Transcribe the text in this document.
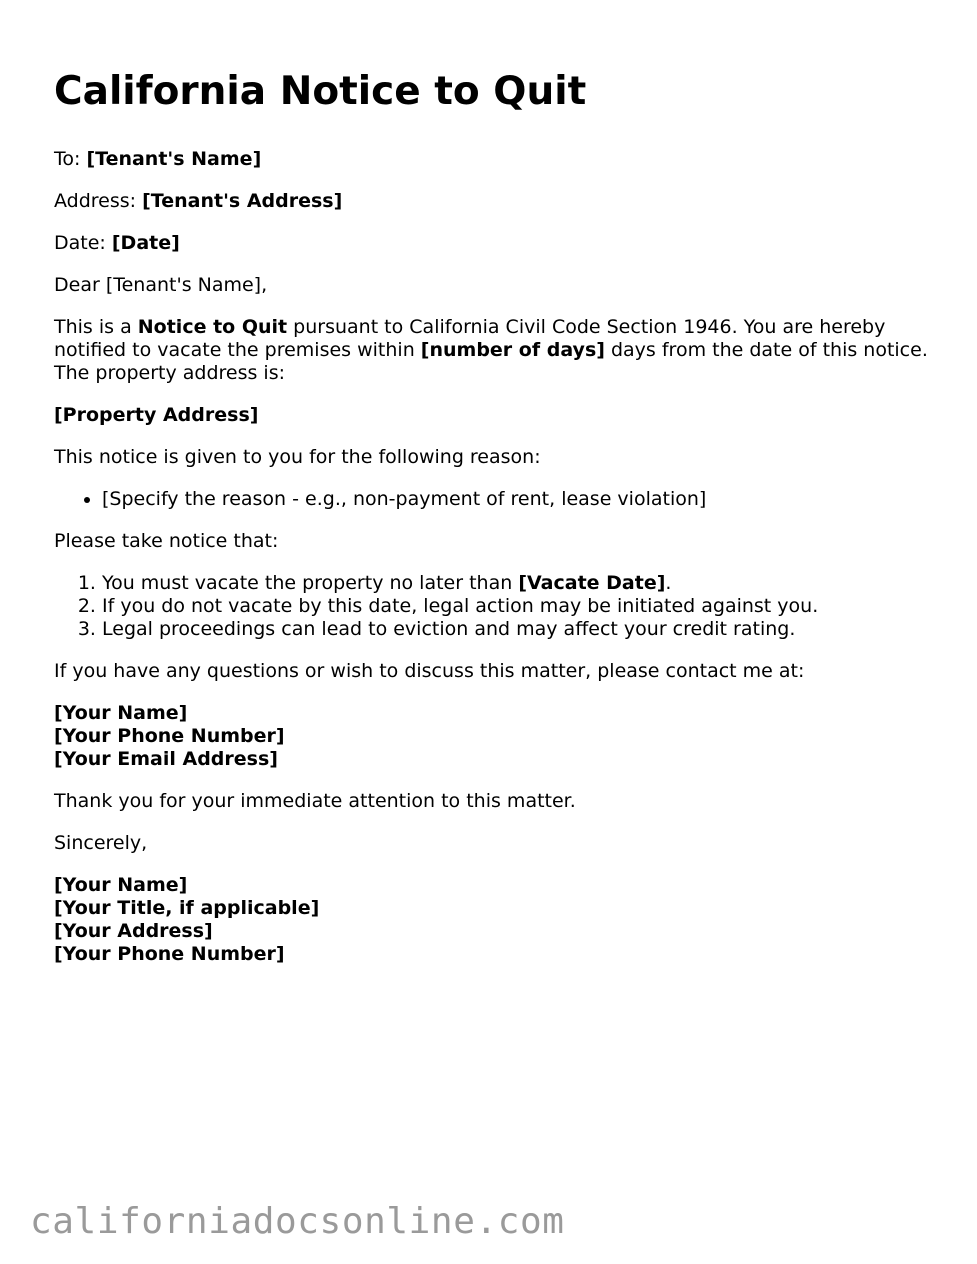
California Notice to Quit

To: [Tenant's Name]

Address: [Tenant's Address]

Date: [Date]

Dear [Tenant's Name],

This is a Notice to Quit pursuant to California Civil Code Section 1946. You are hereby notified to vacate the premises within [number of days] days from the date of this notice. The property address is:

[Property Address]

This notice is given to you for the following reason:

• [Specify the reason - e.g., non-payment of rent, lease violation]

Please take notice that:

1. You must vacate the property no later than [Vacate Date].
2. If you do not vacate by this date, legal action may be initiated against you.
3. Legal proceedings can lead to eviction and may affect your credit rating.

If you have any questions or wish to discuss this matter, please contact me at:

[Your Name]
[Your Phone Number]
[Your Email Address]

Thank you for your immediate attention to this matter.

Sincerely,

[Your Name]
[Your Title, if applicable]
[Your Address]
[Your Phone Number]

californiadocsonline.com
